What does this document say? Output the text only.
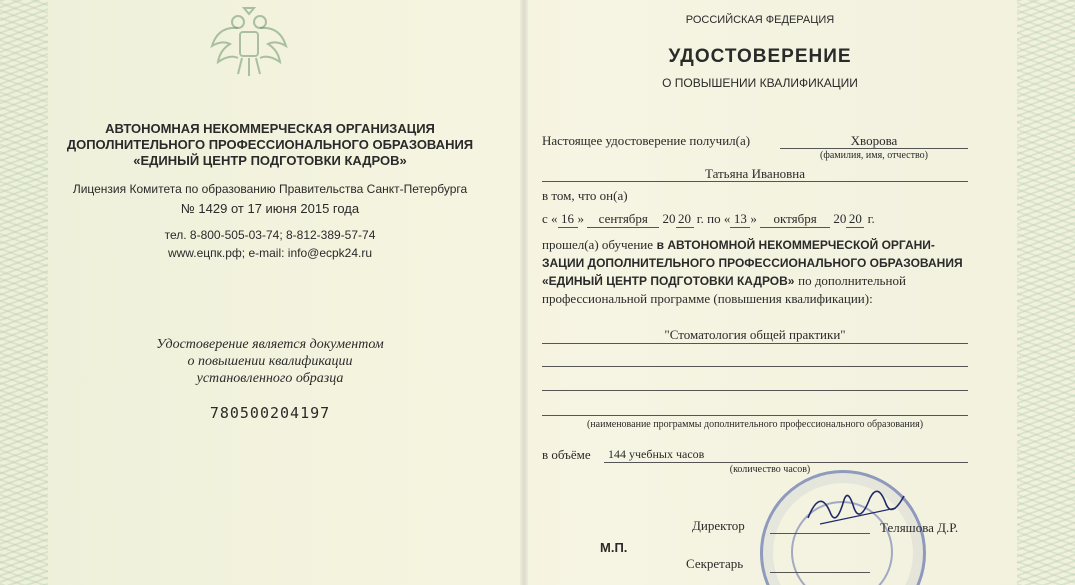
АВТОНОМНАЯ НЕКОММЕРЧЕСКАЯ ОРГАНИЗАЦИЯ
ДОПОЛНИТЕЛЬНОГО ПРОФЕССИОНАЛЬНОГО ОБРАЗОВАНИЯ
«ЕДИНЫЙ ЦЕНТР ПОДГОТОВКИ КАДРОВ»
Лицензия Комитета по образованию Правительства Санкт-Петербурга
№ 1429 от 17 июня 2015 года
тел. 8-800-505-03-74; 8-812-389-57-74
www.ецпк.рф; e-mail: info@ecpk24.ru
Удостоверение является документом
о повышении квалификации
установленного образца
780500204197
РОССИЙСКАЯ ФЕДЕРАЦИЯ
УДОСТОВЕРЕНИЕ
О ПОВЫШЕНИИ КВАЛИФИКАЦИИ
Настоящее удостоверение получил(а)	Хворова
(фамилия, имя, отчество)
Татьяна Ивановна
в том, что он(а)
с « 16 » сентября 20 20 г. по « 13 » октября 20 20 г.
прошел(а) обучение в АВТОНОМНОЙ НЕКОММЕРЧЕСКОЙ ОРГАНИ-
ЗАЦИИ ДОПОЛНИТЕЛЬНОГО ПРОФЕССИОНАЛЬНОГО ОБРАЗОВАНИЯ
«ЕДИНЫЙ ЦЕНТР ПОДГОТОВКИ КАДРОВ» по дополнительной
профессиональной программе (повышения квалификации):
"Стоматология общей практики"
(наименование программы дополнительного профессионального образования)
в объёме 144 учебных часов
(количество часов)
Директор	Теляшова Д.Р.
М.П.
Секретарь
